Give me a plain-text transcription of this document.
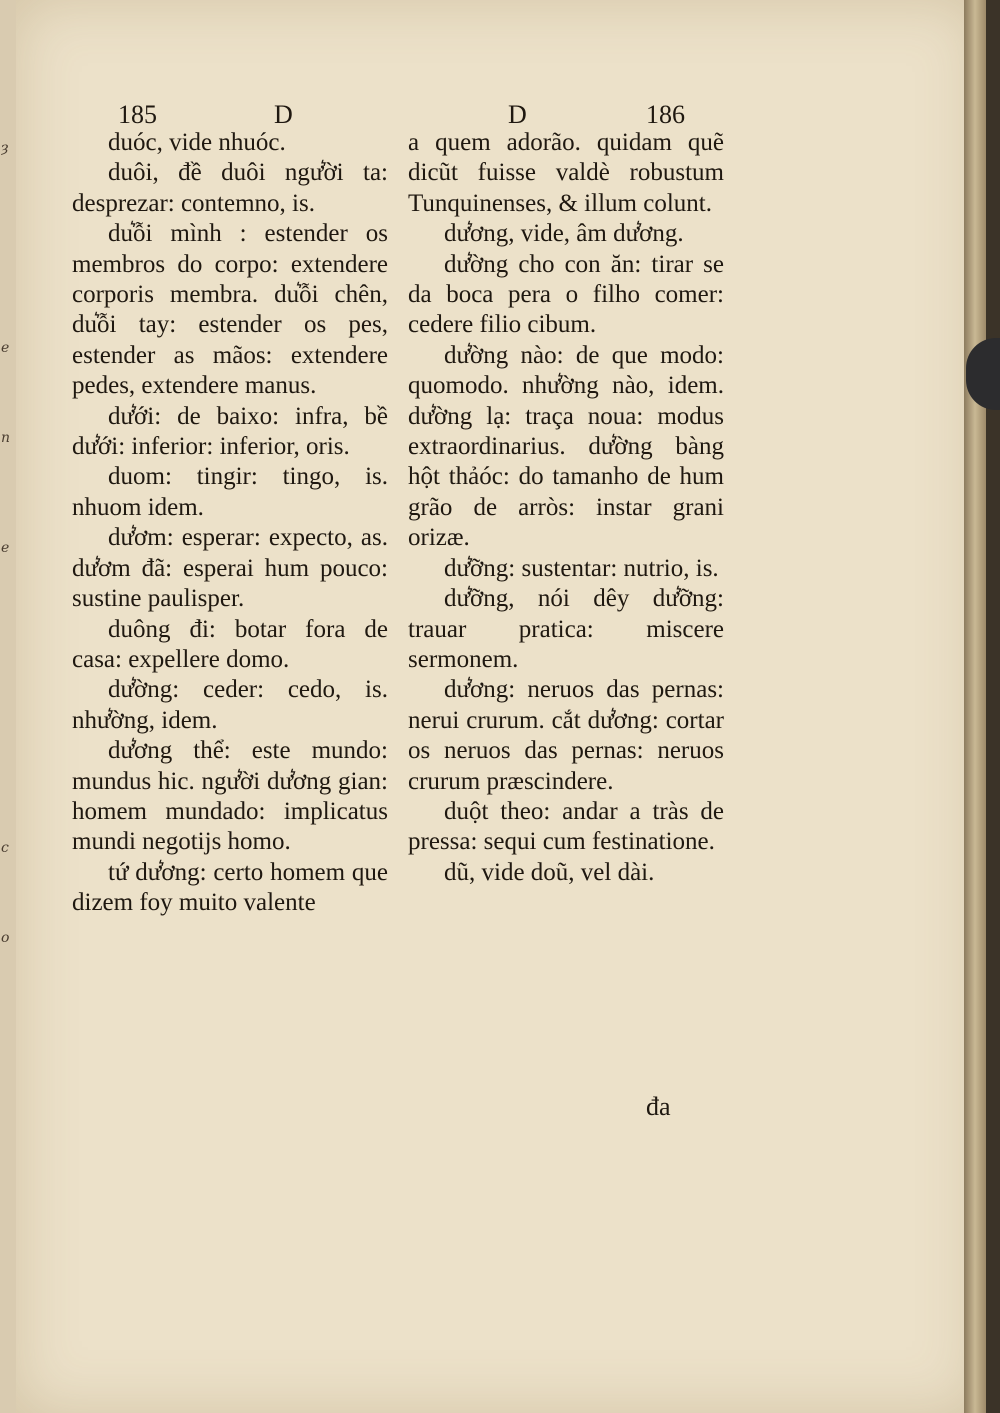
ȝ
e
n
e
c
o
185	D	D	186

duóc, vide nhuóc.

duôi, đề duôi ngư͛ời ta: desprezar: contemno, is.

du͛ỗi mình : estender os membros do corpo: extendere corporis membra. du͛ỗi chên, du͛ỗi tay: estender os pes, estender as mãos: extendere pedes, extendere manus.

dư͛ới: de baixo: infra, bề dư͛ới: inferior: inferior, oris.

duom: tingir: tingo, is. nhuom idem.

dư͛ơm: esperar: expecto, as. dư͛ơm đã: esperai hum pouco: sustine paulisper.

duông đi: botar fora de casa: expellere domo.

dư͛ờng: ceder: cedo, is. như͛ờng, idem.

dư͛ơng thể: este mundo: mundus hic. ngư͛ời dư͛ơng gian: homem mundado: implicatus mundi negotijs homo.

tứ dư͛ơng: certo homem que dizem foy muito valente

a quem adorão. quidam quẽ dicũt fuisse valdè robustum Tunquinenses, & illum colunt.

dư͛ơng, vide, âm dư͛ơng.

dư͛ờng cho con ăn: tirar se da boca pera o filho comer: cedere filio cibum.

dư͛ờng nào: de que modo: quomodo. như͛ờng nào, idem. dư͛ờng lạ: traça noua: modus extraordinarius. dư͛ờng bàng hột thảóc: do tamanho de hum grão de arròs: instar grani orizæ.

dư͛ỡng: sustentar: nutrio, is.

dư͛ỡng, nói dêy dư͛ỡng: trauar pratica: miscere sermonem.

dư͛ơng: neruos das pernas: nerui crurum. cắt dư͛ơng: cortar os neruos das pernas: neruos crurum præscindere.

duột theo: andar a tràs de pressa: sequi cum festinatione.

dũ, vide doũ, vel dài.

đa
